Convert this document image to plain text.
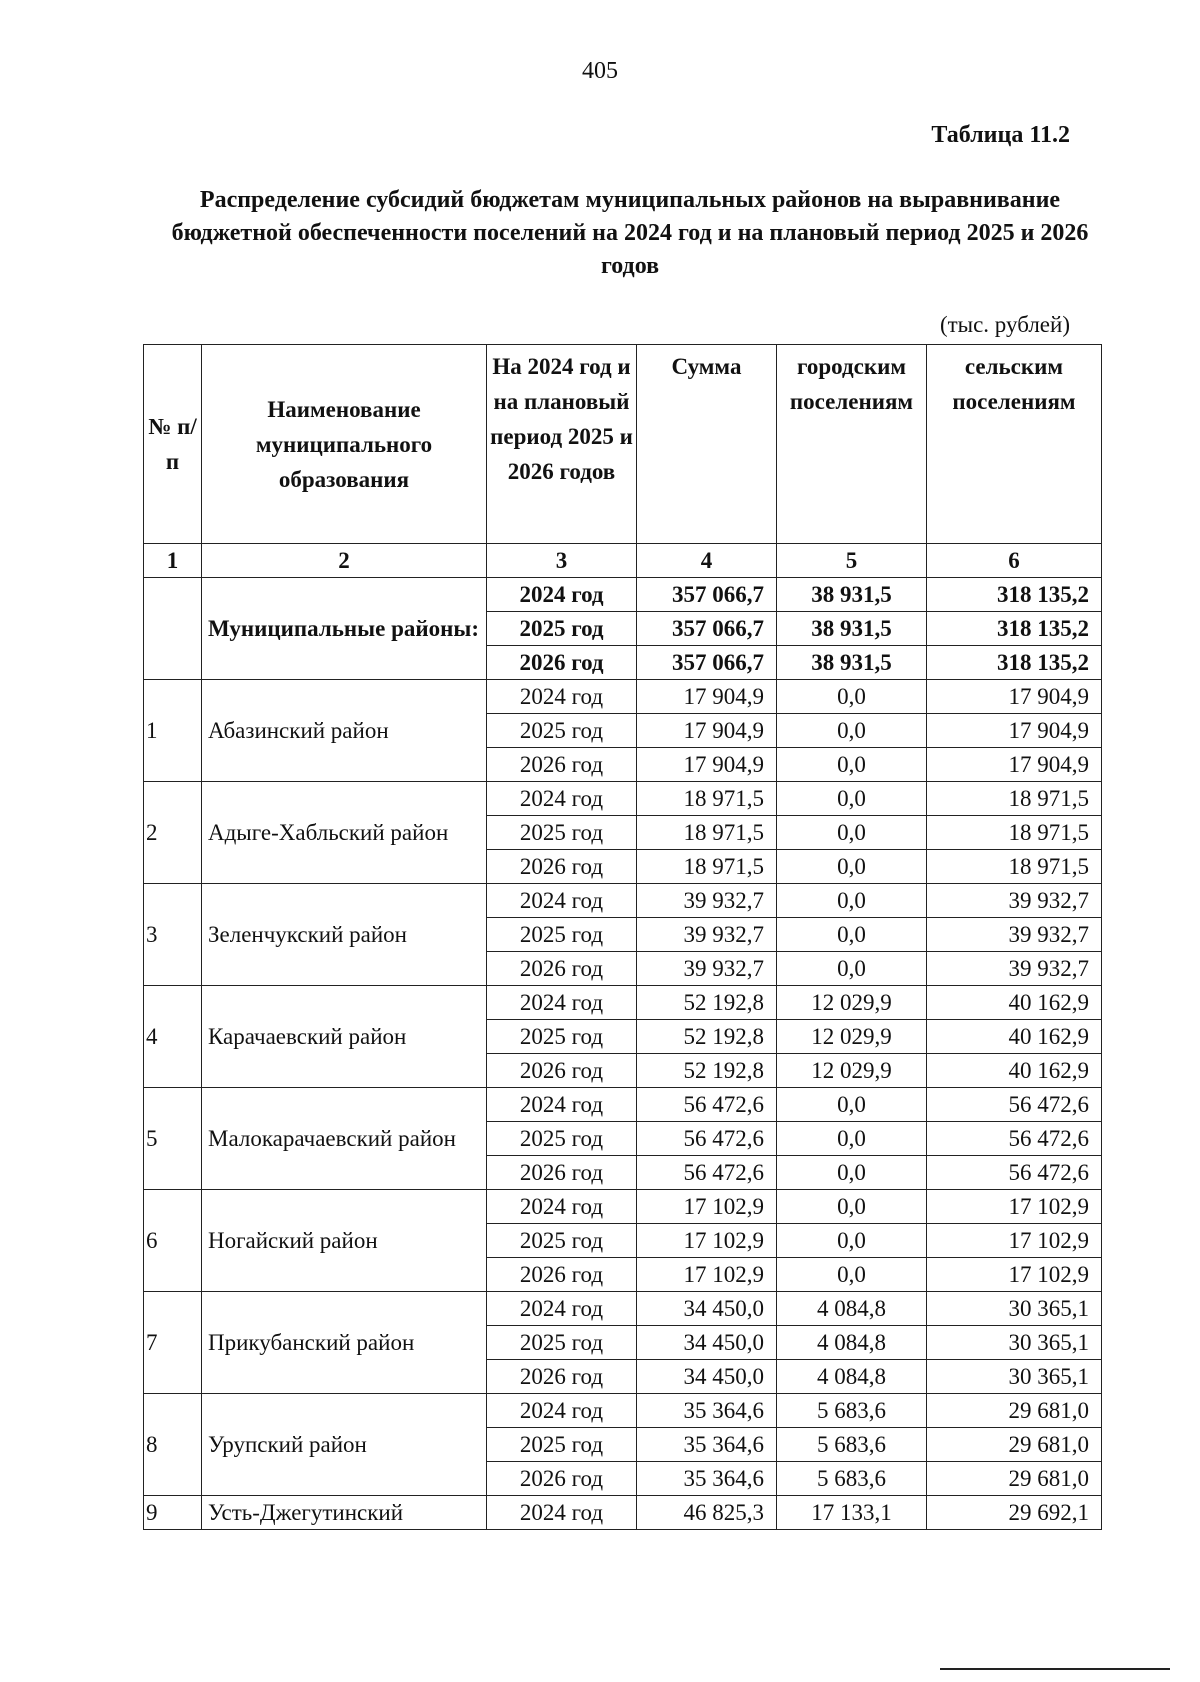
405
Таблица 11.2
Распределение субсидий бюджетам муниципальных районов на выравнивание бюджетной обеспеченности поселений на 2024 год и на плановый период 2025 и 2026 годов
(тыс. рублей)
№ п/п	Наименование муниципального образования	На 2024 год и на плановый период 2025 и 2026 годов	Сумма	городским поселениям	сельским поселениям
1	2	3	4	5	6
	Муниципальные районы:	2024 год	357 066,7	38 931,5	318 135,2
		2025 год	357 066,7	38 931,5	318 135,2
		2026 год	357 066,7	38 931,5	318 135,2
1	Абазинский район	2024 год	17 904,9	0,0	17 904,9
		2025 год	17 904,9	0,0	17 904,9
		2026 год	17 904,9	0,0	17 904,9
2	Адыге-Хабльский район	2024 год	18 971,5	0,0	18 971,5
		2025 год	18 971,5	0,0	18 971,5
		2026 год	18 971,5	0,0	18 971,5
3	Зеленчукский район	2024 год	39 932,7	0,0	39 932,7
		2025 год	39 932,7	0,0	39 932,7
		2026 год	39 932,7	0,0	39 932,7
4	Карачаевский район	2024 год	52 192,8	12 029,9	40 162,9
		2025 год	52 192,8	12 029,9	40 162,9
		2026 год	52 192,8	12 029,9	40 162,9
5	Малокарачаевский район	2024 год	56 472,6	0,0	56 472,6
		2025 год	56 472,6	0,0	56 472,6
		2026 год	56 472,6	0,0	56 472,6
6	Ногайский район	2024 год	17 102,9	0,0	17 102,9
		2025 год	17 102,9	0,0	17 102,9
		2026 год	17 102,9	0,0	17 102,9
7	Прикубанский район	2024 год	34 450,0	4 084,8	30 365,1
		2025 год	34 450,0	4 084,8	30 365,1
		2026 год	34 450,0	4 084,8	30 365,1
8	Урупский район	2024 год	35 364,6	5 683,6	29 681,0
		2025 год	35 364,6	5 683,6	29 681,0
		2026 год	35 364,6	5 683,6	29 681,0
9	Усть-Джегутинский	2024 год	46 825,3	17 133,1	29 692,1
